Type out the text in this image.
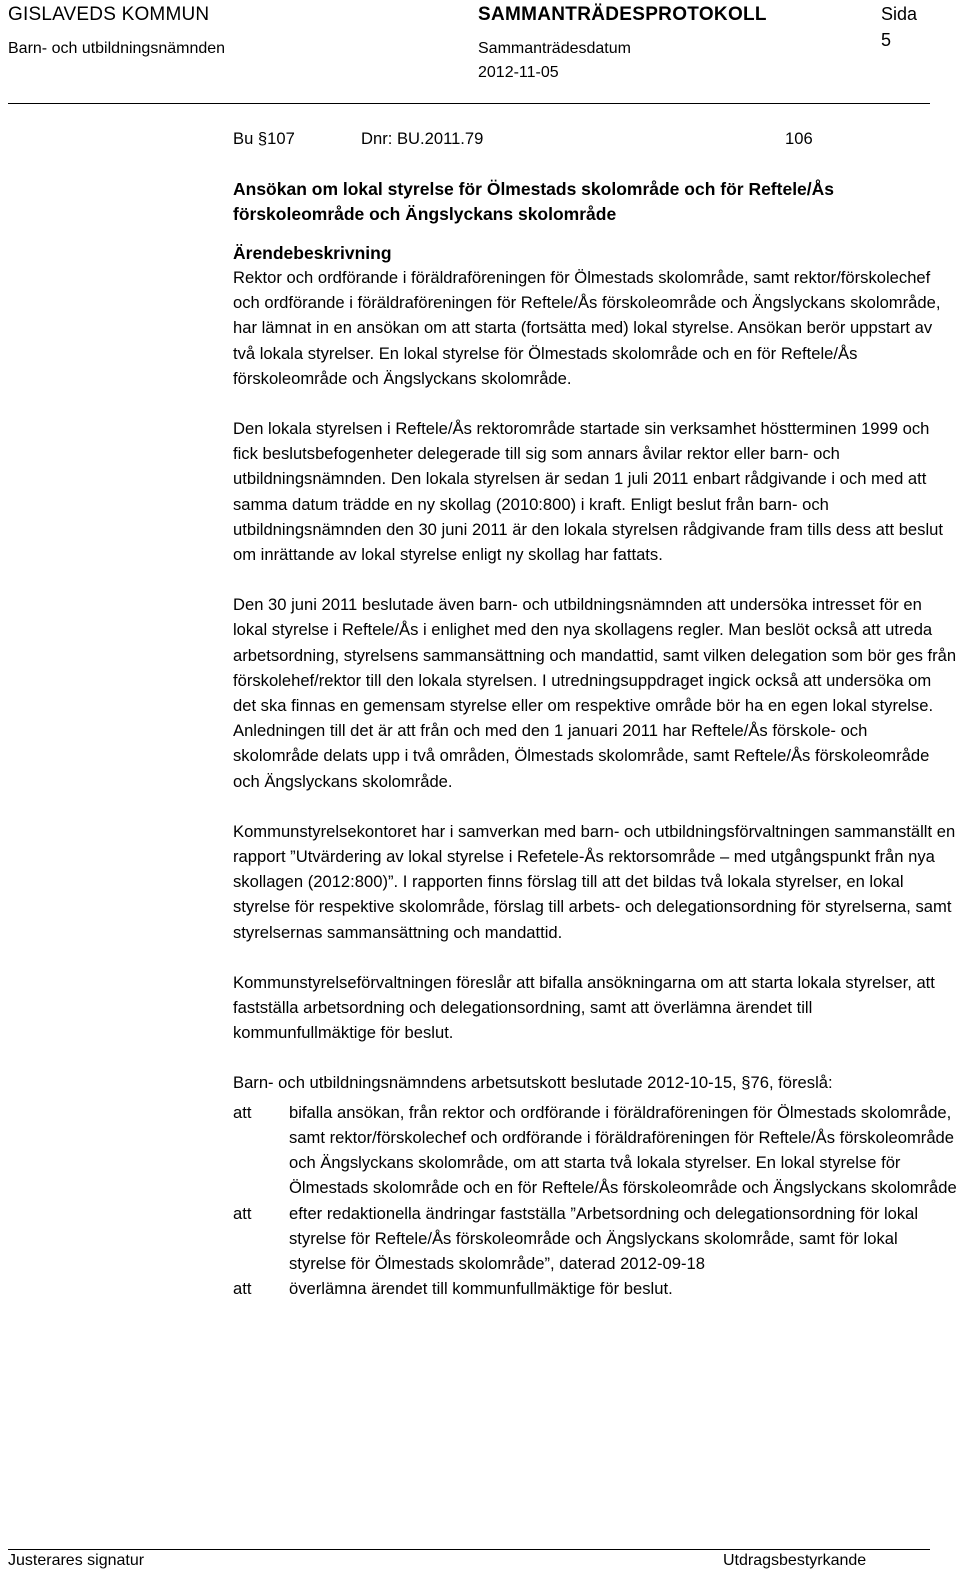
GISLAVEDS KOMMUN
Barn- och utbildningsnämnden
SAMMANTRÄDESPROTOKOLL
Sammanträdesdatum
2012-11-05
Sida
5
Bu §107	Dnr: BU.2011.79	106
Ansökan om lokal styrelse för Ölmestads skolområde och för Reftele/Ås förskoleområde och Ängslyckans skolområde
Ärendebeskrivning

Rektor och ordförande i föräldraföreningen för Ölmestads skolområde, samt rektor/förskolechef och ordförande i föräldraföreningen för Reftele/Ås förskoleområde och Ängslyckans skolområde, har lämnat in en ansökan om att starta (fortsätta med) lokal styrelse. Ansökan berör uppstart av två lokala styrelser. En lokal styrelse för Ölmestads skolområde och en för Reftele/Ås förskoleområde och Ängslyckans skolområde.

Den lokala styrelsen i Reftele/Ås rektorområde startade sin verksamhet höstterminen 1999 och fick beslutsbefogenheter delegerade till sig som annars åvilar rektor eller barn- och utbildningsnämnden. Den lokala styrelsen är sedan 1 juli 2011 enbart rådgivande i och med att samma datum trädde en ny skollag (2010:800) i kraft. Enligt beslut från barn- och utbildningsnämnden den 30 juni 2011 är den lokala styrelsen rådgivande fram tills dess att beslut om inrättande av lokal styrelse enligt ny skollag har fattats.

Den 30 juni 2011 beslutade även barn- och utbildningsnämnden att undersöka intresset för en lokal styrelse i Reftele/Ås i enlighet med den nya skollagens regler. Man beslöt också att utreda arbetsordning, styrelsens sammansättning och mandattid, samt vilken delegation som bör ges från förskolehef/rektor till den lokala styrelsen. I utredningsuppdraget ingick också att undersöka om det ska finnas en gemensam styrelse eller om respektive område bör ha en egen lokal styrelse. Anledningen till det är att från och med den 1 januari 2011 har Reftele/Ås förskole- och skolområde delats upp i två områden, Ölmestads skolområde, samt Reftele/Ås förskoleområde och Ängslyckans skolområde.

Kommunstyrelsekontoret har i samverkan med barn- och utbildningsförvaltningen sammanställt en rapport ”Utvärdering av lokal styrelse i Refetele-Ås rektorsområde – med utgångspunkt från nya skollagen (2012:800)”. I rapporten finns förslag till att det bildas två lokala styrelser, en lokal styrelse för respektive skolområde, förslag till arbets- och delegationsordning för styrelserna, samt styrelsernas sammansättning och mandattid.

Kommunstyrelseförvaltningen föreslår att bifalla ansökningarna om att starta lokala styrelser, att fastställa arbetsordning och delegationsordning, samt att överlämna ärendet till kommunfullmäktige för beslut.

Barn- och utbildningsnämndens arbetsutskott beslutade 2012-10-15, §76, föreslå:

att	bifalla ansökan, från rektor och ordförande i föräldraföreningen för Ölmestads skolområde, samt rektor/förskolechef och ordförande i föräldraföreningen för Reftele/Ås förskoleområde och Ängslyckans skolområde, om att starta två lokala styrelser. En lokal styrelse för Ölmestads skolområde och en för Reftele/Ås förskoleområde och Ängslyckans skolområde
att	efter redaktionella ändringar fastställa ”Arbetsordning och delegationsordning för lokal styrelse för Reftele/Ås förskoleområde och Ängslyckans skolområde, samt för lokal styrelse för Ölmestads skolområde”, daterad 2012-09-18
att	överlämna ärendet till kommunfullmäktige för beslut.
Justerares signatur	Utdragsbestyrkande
